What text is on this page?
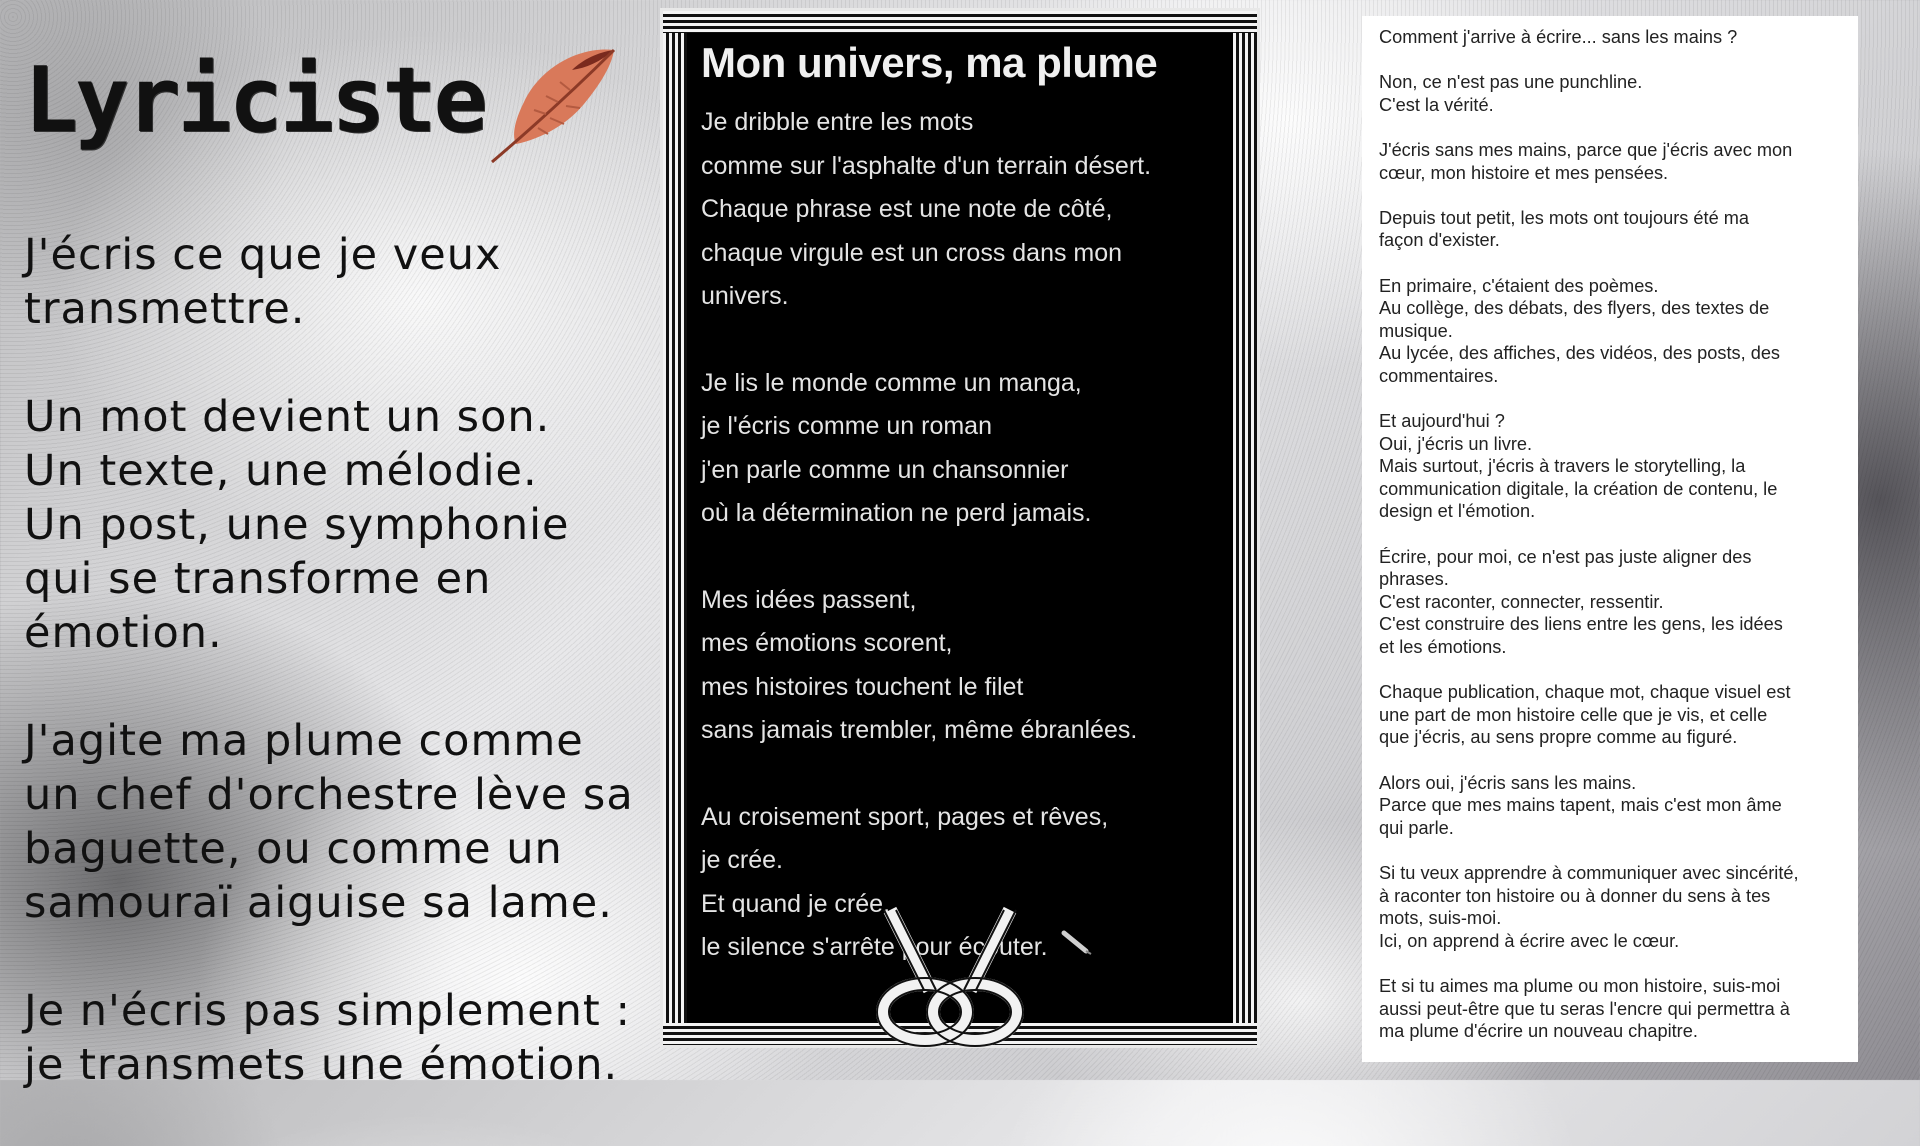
Lyriciste

J'écris ce que je veux
transmettre.

Un mot devient un son.
Un texte, une mélodie.
Un post, une symphonie
qui se transforme en
émotion.

J'agite ma plume comme
un chef d'orchestre lève sa
baguette, ou comme un
samouraï aiguise sa lame.

Je n'écris pas simplement :
je transmets une émotion.

Mon univers, ma plume
Je dribble entre les mots
comme sur l'asphalte d'un terrain désert.
Chaque phrase est une note de côté,
chaque virgule est un cross dans mon
univers.
Je lis le monde comme un manga,
je l'écris comme un roman
j'en parle comme un chansonnier
où la détermination ne perd jamais.
Mes idées passent,
mes émotions scorent,
mes histoires touchent le filet
sans jamais trembler, même ébranlées.
Au croisement sport, pages et rêves,
je crée.
Et quand je crée,
le silence s'arrête pour écouter.

Comment j'arrive à écrire... sans les mains ?

Non, ce n'est pas une punchline.
C'est la vérité.

J'écris sans mes mains, parce que j'écris avec mon
cœur, mon histoire et mes pensées.

Depuis tout petit, les mots ont toujours été ma
façon d'exister.

En primaire, c'étaient des poèmes.
Au collège, des débats, des flyers, des textes de
musique.
Au lycée, des affiches, des vidéos, des posts, des
commentaires.

Et aujourd'hui ?
Oui, j'écris un livre.
Mais surtout, j'écris à travers le storytelling, la
communication digitale, la création de contenu, le
design et l'émotion.

Écrire, pour moi, ce n'est pas juste aligner des
phrases.
C'est raconter, connecter, ressentir.
C'est construire des liens entre les gens, les idées
et les émotions.

Chaque publication, chaque mot, chaque visuel est
une part de mon histoire celle que je vis, et celle
que j'écris, au sens propre comme au figuré.

Alors oui, j'écris sans les mains.
Parce que mes mains tapent, mais c'est mon âme
qui parle.

Si tu veux apprendre à communiquer avec sincérité,
à raconter ton histoire ou à donner du sens à tes
mots, suis-moi.
Ici, on apprend à écrire avec le cœur.

Et si tu aimes ma plume ou mon histoire, suis-moi
aussi peut-être que tu seras l'encre qui permettra à
ma plume d'écrire un nouveau chapitre.
